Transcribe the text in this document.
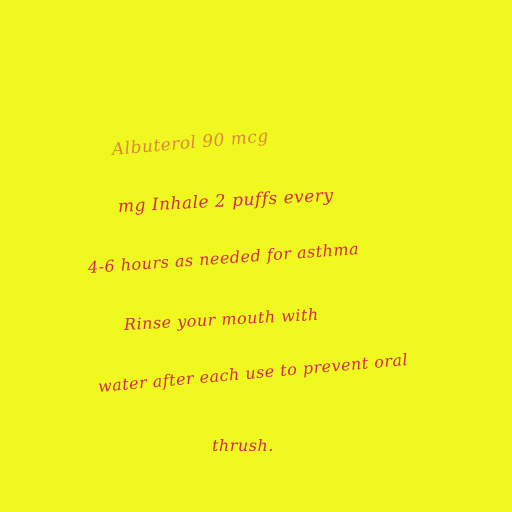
Albuterol 90 mcg
mg Inhale 2 puffs every
4-6 hours as needed for asthma
Rinse your mouth with
water after each use to prevent oral
thrush.
